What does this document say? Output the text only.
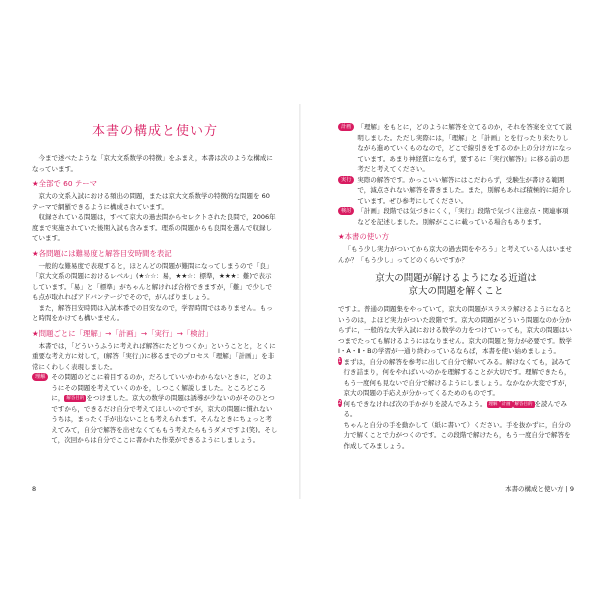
本書の構成と使い方

今まで述べたような「京大文系数学の特徴」をふまえ，本書は次のような構成になっています。

★全部で 60 テーマ

京大の文系入試における頻出の問題，または京大文系数学の特徴的な問題を 60 テーマで網羅できるように構成されています。

収録されている問題は，すべて京大の過去問からセレクトされた良問で，2006年度まで実施されていた後期入試も含みます。理系の問題からも良問を選んで収録しています。

★各問題には難易度と解答目安時間を表記

一般的な難易度で表現すると，ほとんどの問題が難問になってしまうので「良」「京大文系の問題におけるレベル」(★☆☆：易，★★☆：標準，★★★：難)で表示しています。「易」と「標準」がちゃんと解ければ合格できますが，「難」で少しでも点が取れればアドバンテージでそので，がんばりましょう。

また，解答目安時間は入試本番での目安なので，学習時間ではありません。もっと時間をかけても構いません。

★問題ごとに「理解」→「計画」→「実行」→「検討」

本書では，「どういうふうに考えれば解答にたどりつくか」ということと，とくに重要な考え方に対して，(解答「実行」)に移るまでのプロセス「理解」「計画」」を非常にくわしく表現しました。

理解 その問題のどこに着目するのか，だろしていいかわからないときに，どのようにその問題を考えていくのかを，しつこく解説しました。ところどころに， 解答目的 をつけました。京大の数学の問題は誘導が少ないのがそのひとつですから，できるだけ自分で考えてほしいのですが，京大の問題に慣れないうちは，まったく手が出ないことも考えられます。そんなときにちょっと考えてみて，自分で解答を出せなくてももう考えたらもうダメですよ(笑)。そして，次回からは自分でここに書かれた作業ができるようにしましょう。

8
計画 「理解」をもとに，どのように解答を立てるのか，それを答案を立てて説明しました。ただし実際には，「理解」と「計画」とを行ったり来たりしながら進めていくものなので，どこで線引きをするのか上の分け方になっています。あまり神経質にならず，要するに「実行(解答)」に移る前の思考だと考えてください。

実行 実際の解答です。かっこいい解答にはこだわらず，受験生が書ける範囲で，減点されない解答を書きました。また，別解もあれば積極的に紹介しています。ぜひ参考にしてください。

検討 「計画」段階では気づきにくく，「実行」段階で気づく注意点・関連事項などを記述しました。別解がここに載っている場合もあります。

★本書の使い方

「もう少し実力がついてから京大の過去問をやろう」と考えている人はいませんか？「もう少し」ってどのくらいですか？

京大の問題が解けるようになる近道は
京大の問題を解くこと

ですよ。普通の問題集をやっていて，京大の問題がスラスラ解けるようになるというのは，よほど実力がついた段階です。京大の問題がどういう問題なのか分からずに，一般的な大学入試における数学の力をつけていっても，京大の問題はいつまでたっても解けるようにはなりません。京大の問題と努力が必要です。数学Ⅰ・A・Ⅱ・Bの学習が一通り終わっているならば，本書を使い始めましょう。

1 まずは，自分の解答を参考に出して自分で解いてみる。解けなくても，試みて行き詰まり，何をやればいいのかを理解することが大切です。理解できたら，もう一度何も見ないで自分で解けるようにしましょう。なかなか大変ですが，京大の問題の手応えが分かってくるためのものです。

2 何もできなければ次の手かがりを読んでみよう。 理解 計画 解答目的 を読んでみる。
ちゃんと自分の手を動かして（紙に書いて）ください。手を抜かずに，自分の力で解くことで力がつくのです。この段階で解けたら，もう一度自分で解答を作成してみましょう。

本書の構成と使い方 | 9
